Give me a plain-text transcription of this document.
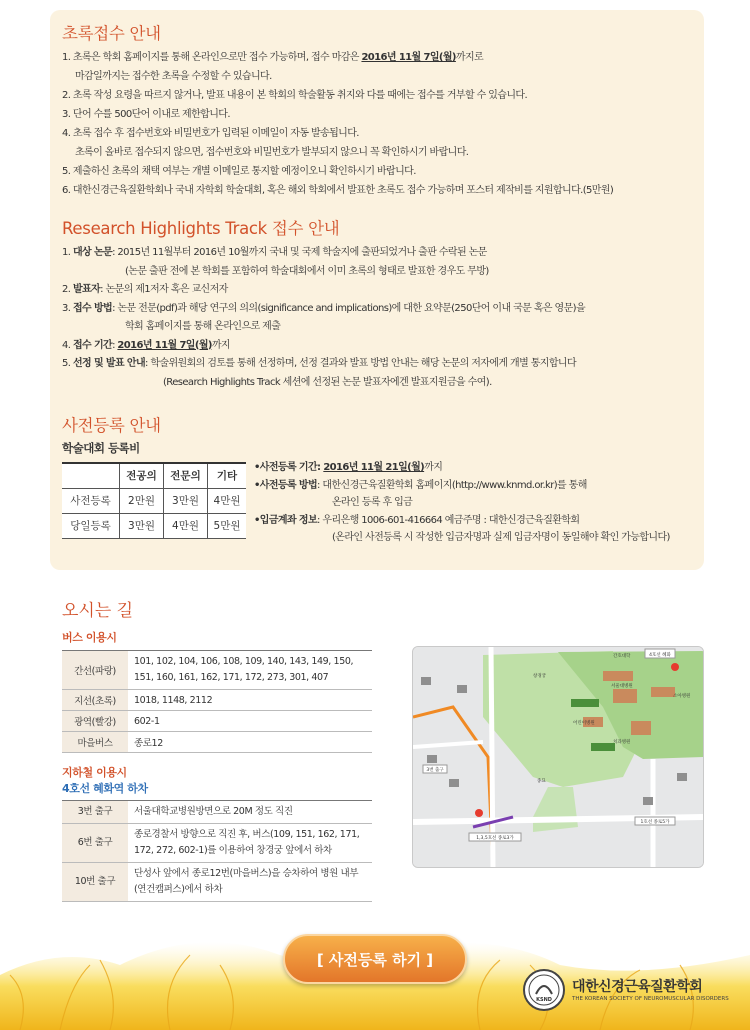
초록접수 안내
1. 초록은 학회 홈페이지를 통해 온라인으로만 접수 가능하며, 접수 마감은 2016년 11월 7일(월)까지로
마감일까지는 접수한 초록을 수정할 수 있습니다.
2. 초록 작성 요령을 따르지 않거나, 발표 내용이 본 학회의 학술활동 취지와 다를 때에는 접수를 거부할 수 있습니다.
3. 단어 수를 500단어 이내로 제한합니다.
4. 초록 접수 후 접수번호와 비밀번호가 입력된 이메일이 자동 발송됩니다.
초록이 올바로 접수되지 않으면, 접수번호와 비밀번호가 발부되지 않으니 꼭 확인하시기 바랍니다.
5. 제출하신 초록의 채택 여부는 개별 이메일로 통지할 예정이오니 확인하시기 바랍니다.
6. 대한신경근육질환학회나 국내 자학회 학술대회, 혹은 해외 학회에서 발표한 초록도 접수 가능하며 포스터 제작비를 지원합니다.(5만원)
Research Highlights Track 접수 안내
1. 대상 논문: 2015년 11월부터 2016년 10월까지 국내 및 국제 학술지에 출판되었거나 출판 수락된 논문
(논문 출판 전에 본 학회를 포함하여 학술대회에서 이미 초록의 형태로 발표한 경우도 무방)
2. 발표자: 논문의 제1저자 혹은 교신저자
3. 접수 방법: 논문 전문(pdf)과 해당 연구의 의의(significance and implications)에 대한 요약문(250단어 이내 국문 혹은 영문)을
학회 홈페이지를 통해 온라인으로 제출
4. 접수 기간: 2016년 11월 7일(월)까지
5. 선정 및 발표 안내: 학술위원회의 검토를 통해 선정하며, 선정 결과와 발표 방법 안내는 해당 논문의 저자에게 개별 통지합니다
(Research Highlights Track 세션에 선정된 논문 발표자에겐 발표지원금을 수여).
사전등록 안내
학술대회 등록비
	전공의	전문의	기타
사전등록	2만원	3만원	4만원
당일등록	3만원	4만원	5만원
•사전등록 기간: 2016년 11월 21일(월)까지
•사전등록 방법: 대한신경근육질환학회 홈페이지(http://www.knmd.or.kr)를 통해
온라인 등록 후 입금
•입금계좌 정보: 우리은행 1006-601-416664 예금주명 : 대한신경근육질환학회
(온라인 사전등록 시 작성한 입금자명과 실제 입금자명이 동일해야 확인 가능합니다)
오시는 길
버스 이용시
간선(파랑)	101, 102, 104, 106, 108, 109, 140, 143, 149, 150,
151, 160, 161, 162, 171, 172, 273, 301, 407

지선(초록)	1018, 1148, 2112
광역(빨강)	602-1
마을버스	종로12
지하철 이용시
4호선 혜화역 하차
3번 출구	서울대학교병원방면으로 20M 정도 직진
6번 출구	종로경찰서 방향으로 직진 후, 버스(109, 151, 162, 171, 172, 272, 602-1)를 이용하여 창경궁 앞에서 하차
10번 출구	단성사 앞에서 종로12번(마을버스)을 승차하여 병원 내부 (연건캠퍼스)에서 하차
4호선 혜화
간호대학
소아병원
서울대병원
어린이병원
치과병원
창경궁
종묘
1,3,5호선 종로3가
1호선 종로5가
3번 출구
[ 사전등록 하기 ]
KSND
대한신경근육질환학회
THE KOREAN SOCIETY OF NEUROMUSCULAR DISORDERS
